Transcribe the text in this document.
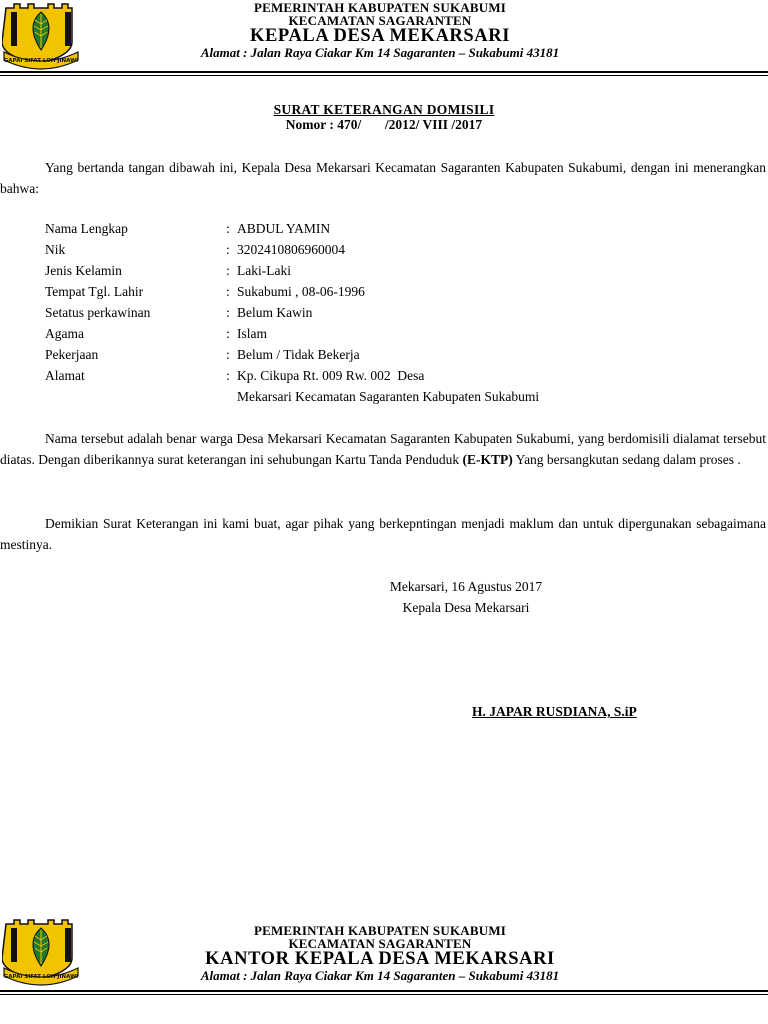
GAPAI SIFAT LOH JINAWI
PEMERINTAH KABUPATEN SUKABUMI
KECAMATAN SAGARANTEN
KEPALA DESA MEKARSARI
Alamat : Jalan Raya Ciakar Km 14 Sagaranten – Sukabumi 43181
SURAT KETERANGAN DOMISILI
Nomor : 470/       /2012/ VIII /2017
Yang bertanda tangan dibawah ini, Kepala Desa Mekarsari Kecamatan Sagaranten Kabupaten Sukabumi, dengan ini menerangkan bahwa:
Nama Lengkap	: ABDUL YAMIN
Nik	: 3202410806960004
Jenis Kelamin	: Laki-Laki
Tempat Tgl. Lahir	: Sukabumi , 08-06-1996
Setatus perkawinan	: Belum Kawin
Agama	: Islam
Pekerjaan	: Belum / Tidak Bekerja
Alamat	: Kp. Cikupa Rt. 009 Rw. 002  Desa
Mekarsari Kecamatan Sagaranten Kabupaten Sukabumi
Nama tersebut adalah benar warga Desa Mekarsari Kecamatan Sagaranten Kabupaten Sukabumi, yang berdomisili dialamat tersebut diatas. Dengan diberikannya surat keterangan ini sehubungan Kartu Tanda Penduduk (E-KTP) Yang bersangkutan sedang dalam proses .
Demikian Surat Keterangan ini kami buat, agar pihak yang berkepntingan menjadi maklum dan untuk dipergunakan sebagaimana mestinya.
Mekarsari, 16 Agustus 2017
Kepala Desa Mekarsari
H. JAPAR RUSDIANA, S.iP
GAPAI SIFAT LOH JINAWI
PEMERINTAH KABUPATEN SUKABUMI
KECAMATAN SAGARANTEN
KANTOR KEPALA DESA MEKARSARI
Alamat : Jalan Raya Ciakar Km 14 Sagaranten – Sukabumi 43181
